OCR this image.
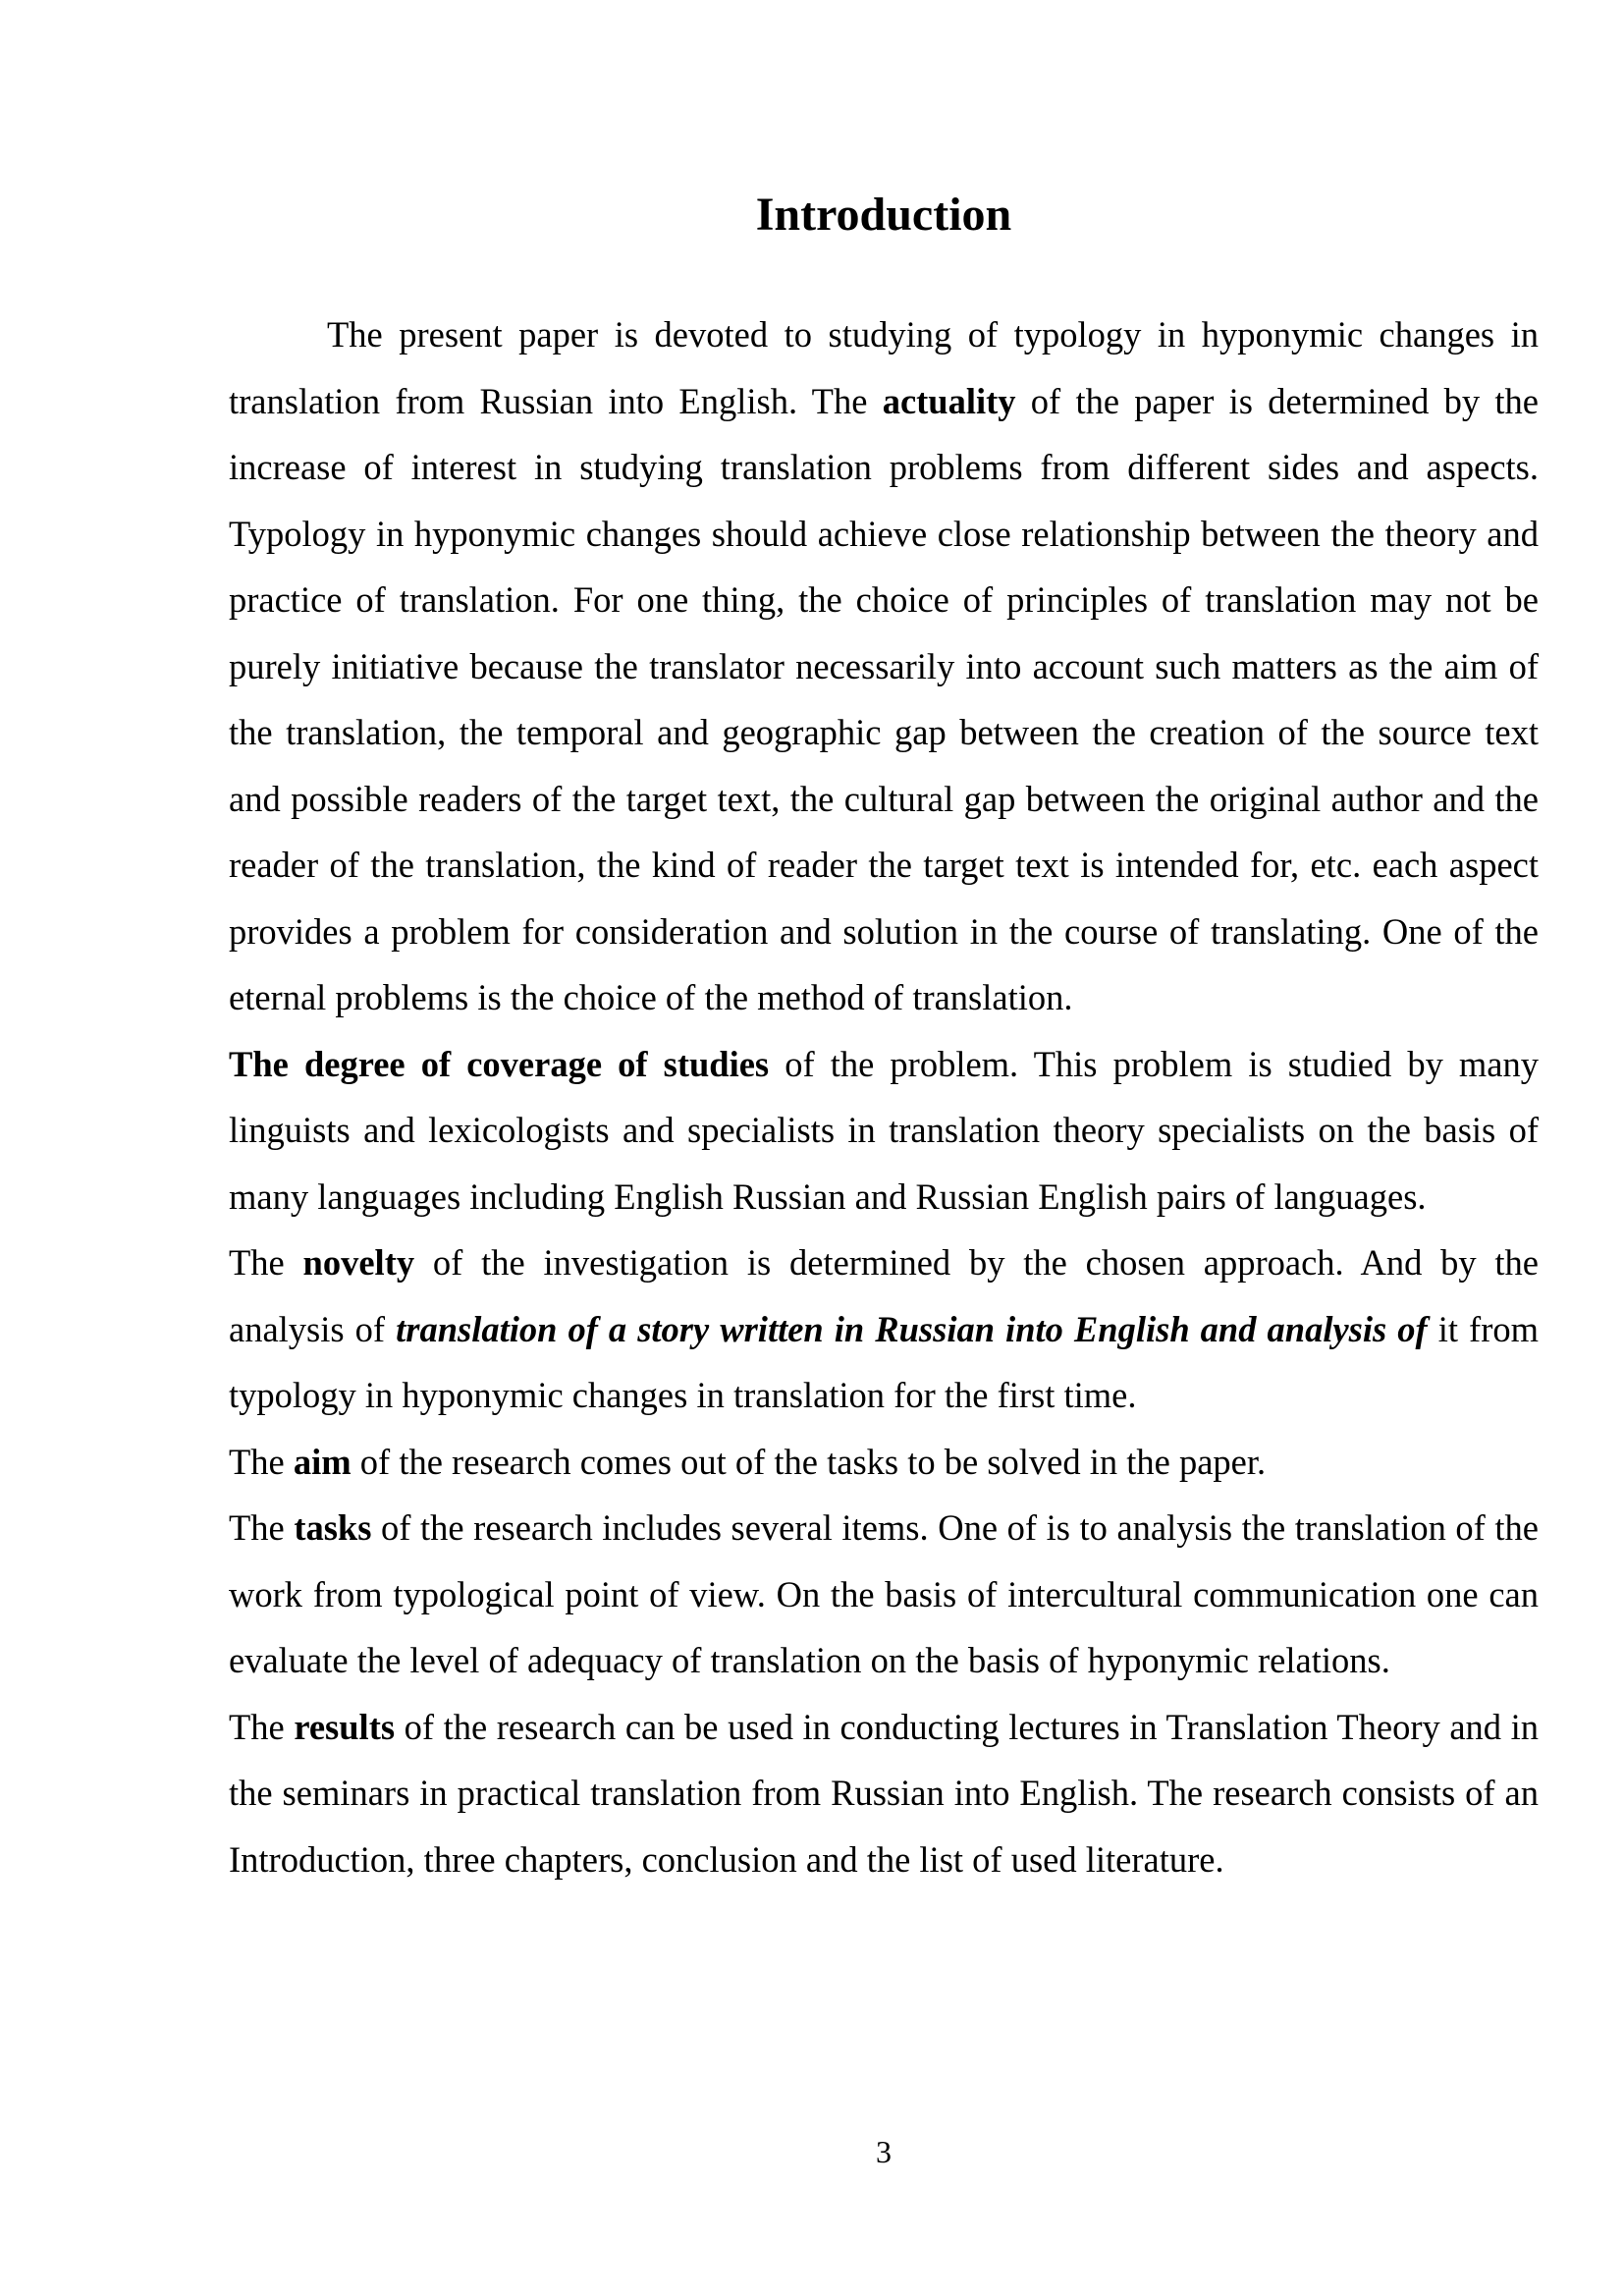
Introduction

The present paper is devoted to studying of typology in hyponymic changes in translation from Russian into English. The actuality of the paper is determined by the increase of interest in studying translation problems from different sides and aspects. Typology in hyponymic changes should achieve close relationship between the theory and practice of translation. For one thing, the choice of principles of translation may not be purely initiative because the translator necessarily into account such matters as the aim of the translation, the temporal and geographic gap between the creation of the source text and possible readers of the target text, the cultural gap between the original author and the reader of the translation, the kind of reader the target text is intended for, etc. each aspect provides a problem for consideration and solution in the course of translating. One of the eternal problems is the choice of the method of translation.

The degree of coverage of studies of the problem. This problem is studied by many linguists and lexicologists and specialists in translation theory specialists on the basis of many languages including English Russian and Russian English pairs of languages.

The novelty of the investigation is determined by the chosen approach. And by the analysis of translation of a story written in Russian into English and analysis of it from typology in hyponymic changes in translation for the first time.

The aim of the research comes out of the tasks to be solved in the paper.

The tasks of the research includes several items. One of is to analysis the translation of the work from typological point of view. On the basis of intercultural communication one can evaluate the level of adequacy of translation on the basis of hyponymic relations.

The results of the research can be used in conducting lectures in Translation Theory and in the seminars in practical translation from Russian into English. The research consists of an Introduction, three chapters, conclusion and the list of used literature.

3
